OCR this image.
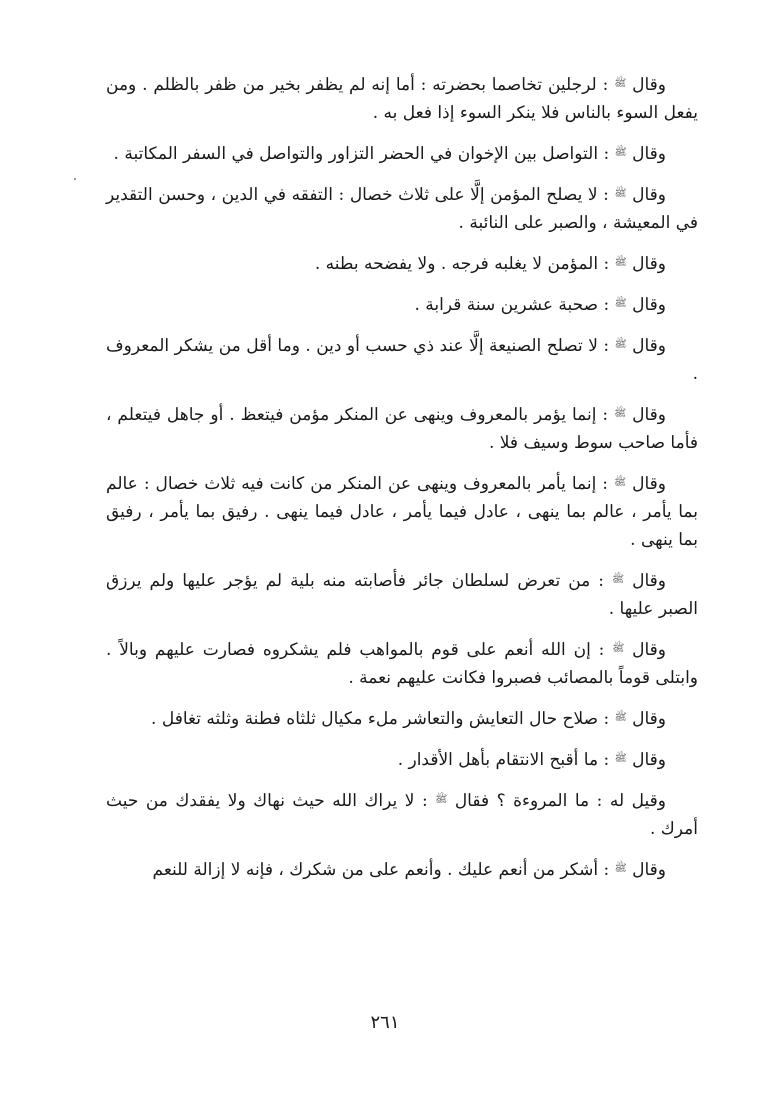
وقال $^ﷺ$ : لرجلين تخاصما بحضرته : أما إنه لم يظفر بخير من ظفر بالظلم . ومن يفعل السوء بالناس فلا ينكر السوء إذا فعل به .

وقال $^ﷺ$ : التواصل بين الإخوان في الحضر التزاور والتواصل في السفر المكاتبة .

وقال $^ﷺ$ : لا يصلح المؤمن إلَّا على ثلاث خصال : التفقه في الدين ، وحسن التقدير في المعيشة ، والصبر على النائبة .

وقال $^ﷺ$ : المؤمن لا يغلبه فرجه . ولا يفضحه بطنه .

وقال $^ﷺ$ : صحبة عشرين سنة قرابة .

وقال $^ﷺ$ : لا تصلح الصنيعة إلَّا عند ذي حسب أو دين . وما أقل من يشكر المعروف .

وقال $^ﷺ$ : إنما يؤمر بالمعروف وينهى عن المنكر مؤمن فيتعظ . أو جاهل فيتعلم ، فأما صاحب سوط وسيف فلا .

وقال $^ﷺ$ : إنما يأمر بالمعروف وينهى عن المنكر من كانت فيه ثلاث خصال : عالم بما يأمر ، عالم بما ينهى ، عادل فيما يأمر ، عادل فيما ينهى . رفيق بما يأمر ، رفيق بما ينهى .

وقال $^ﷺ$ : من تعرض لسلطان جائر فأصابته منه بلية لم يؤجر عليها ولم يرزق الصبر عليها .

وقال $^ﷺ$ : إن الله أنعم على قوم بالمواهب فلم يشكروه فصارت عليهم وبالاً . وابتلى قوماً بالمصائب فصبروا فكانت عليهم نعمة .

وقال $^ﷺ$ : صلاح حال التعايش والتعاشر ملء مكيال ثلثاه فطنة وثلثه تغافل .

وقال $^ﷺ$ : ما أقبح الانتقام بأهل الأقدار .

وقيل له : ما المروءة ؟ فقال $^ﷺ$ : لا يراك الله حيث نهاك ولا يفقدك من حيث أمرك .

وقال $^ﷺ$ : أشكر من أنعم عليك . وأنعم على من شكرك ، فإنه لا إزالة للنعم

٢٦١
